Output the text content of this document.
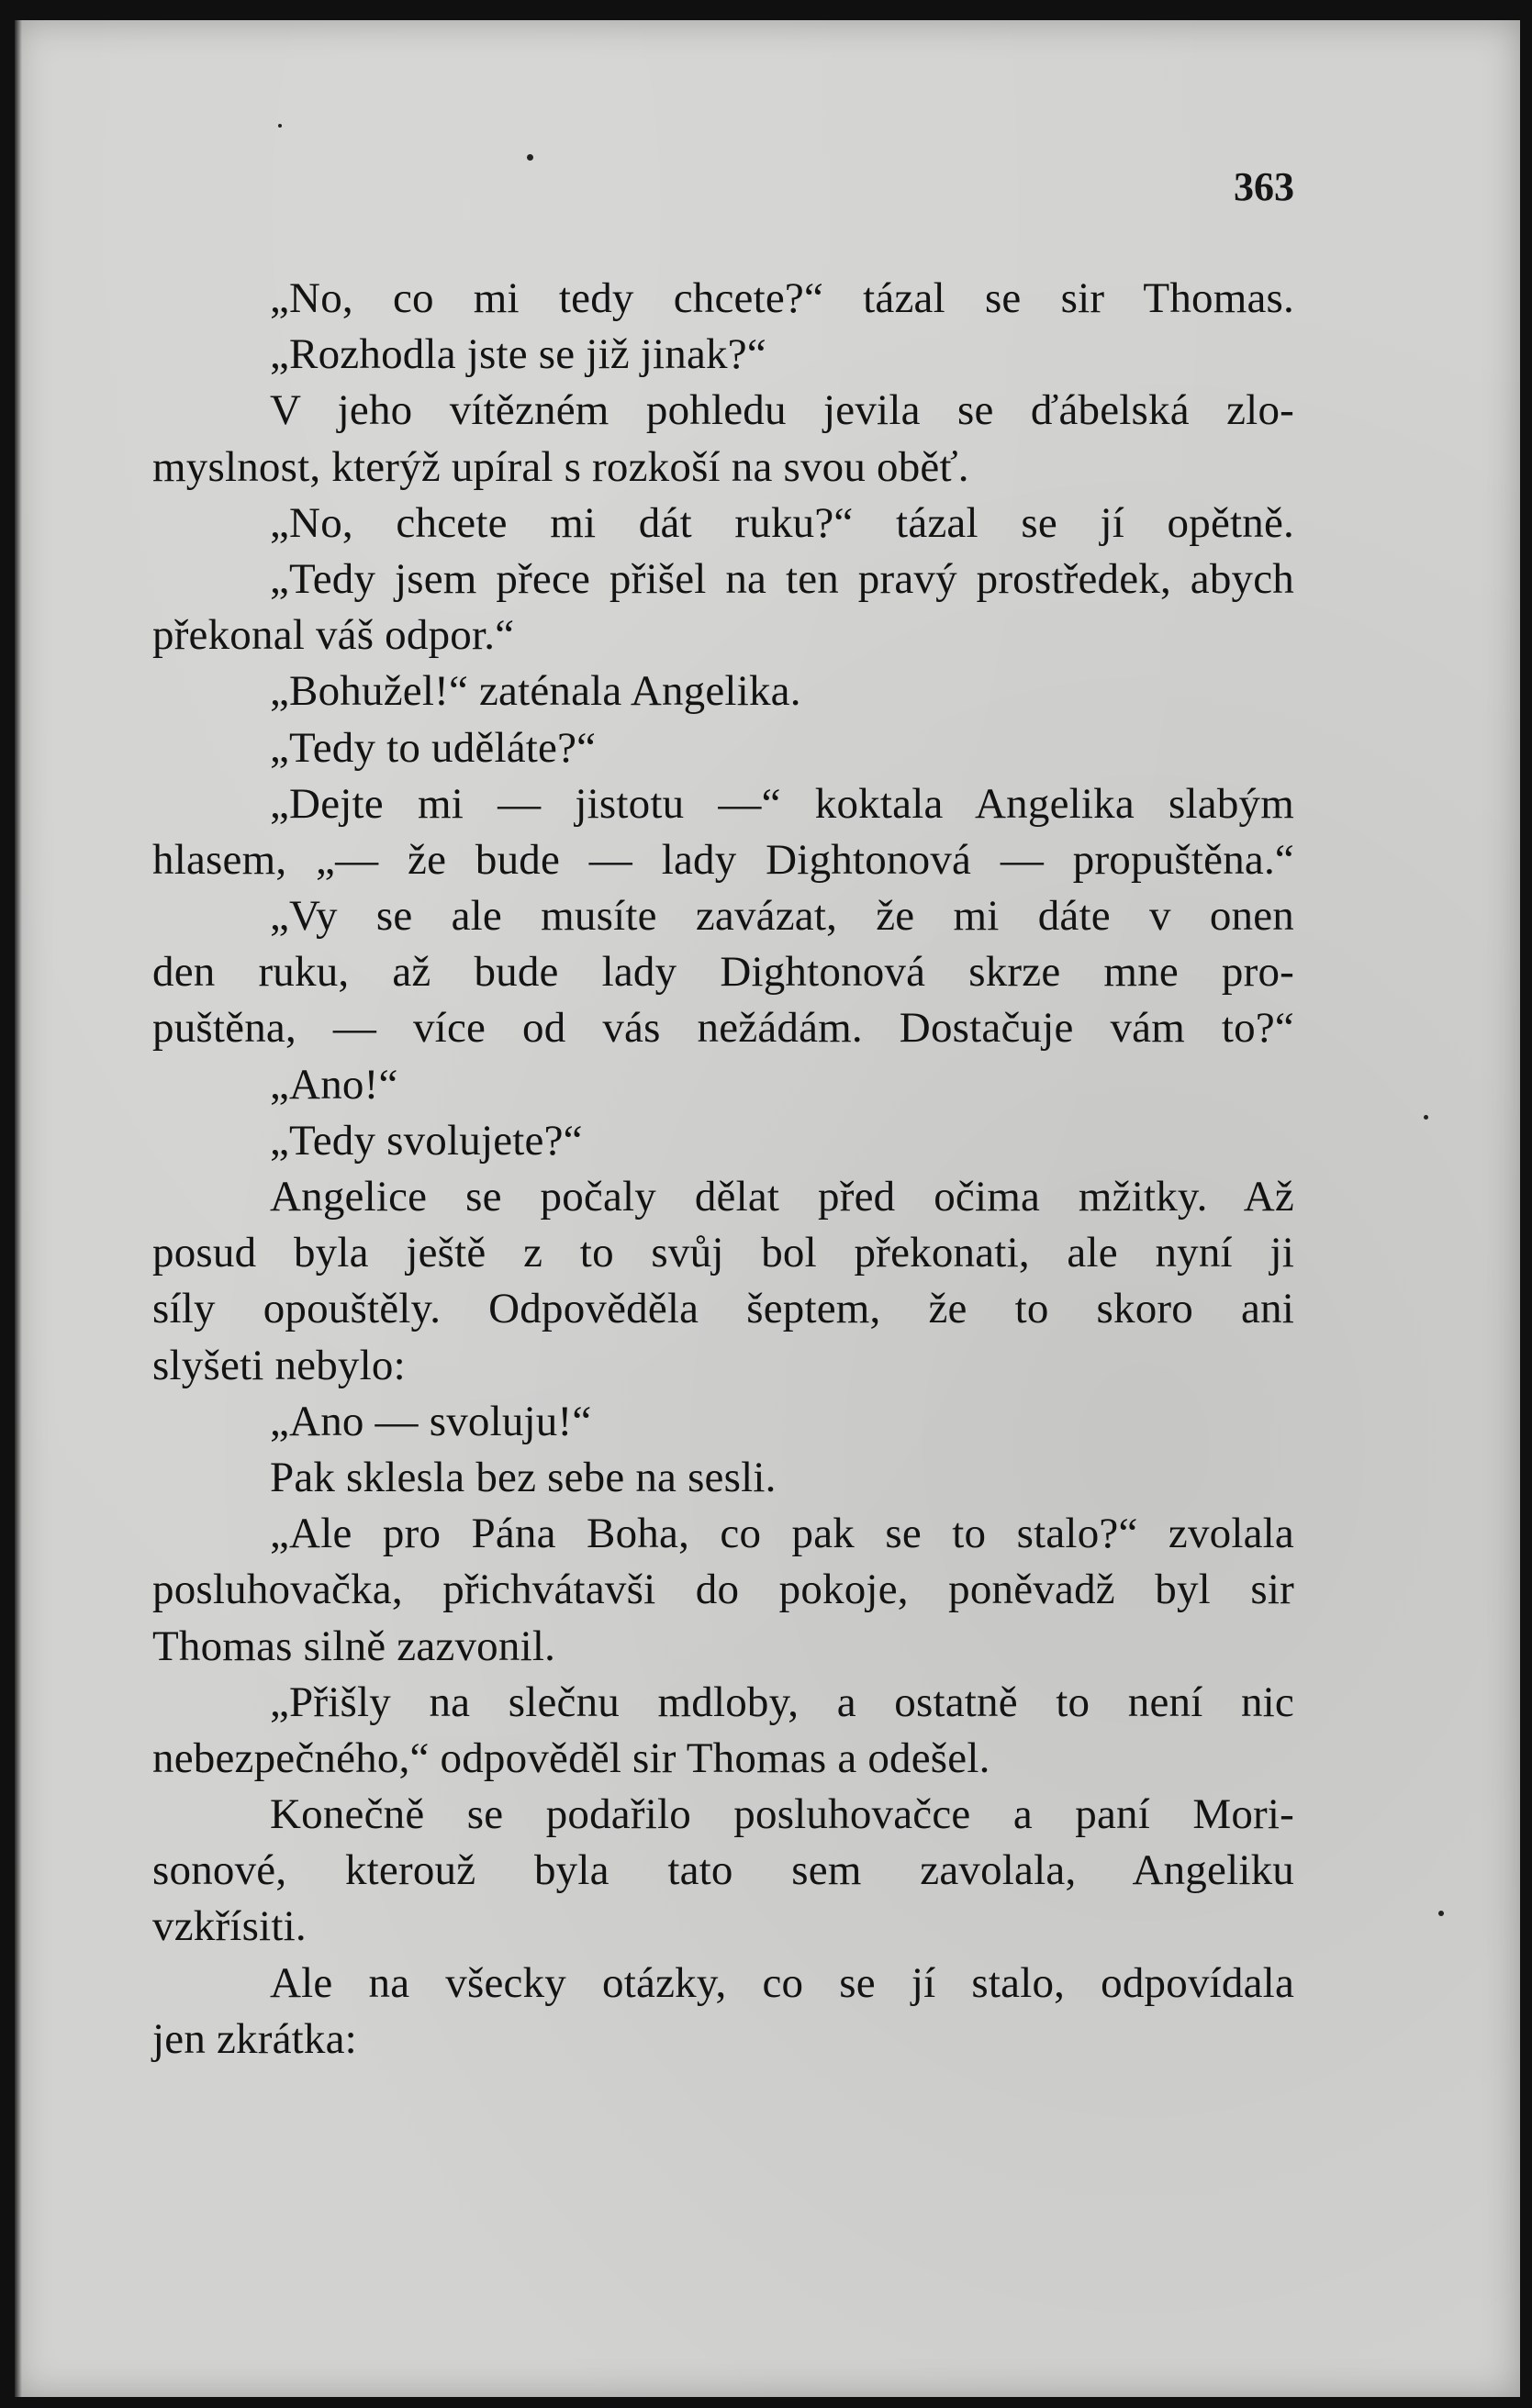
363
„No, co mi tedy chcete?“ tázal se sir Thomas.
„Rozhodla jste se již jinak?“
V jeho vítězném pohledu jevila se ďábelská zlo-
myslnost, kterýž upíral s rozkoší na svou oběť.
„No, chcete mi dát ruku?“ tázal se jí opětně.
„Tedy jsem přece přišel na ten pravý prostředek, abych
překonal váš odpor.“
„Bohužel!“ zaténala Angelika.
„Tedy to uděláte?“
„Dejte mi — jistotu —“ koktala Angelika slabým
hlasem, „— že bude — lady Dightonová — propuštěna.“
„Vy se ale musíte zavázat, že mi dáte v onen
den ruku, až bude lady Dightonová skrze mne pro-
puštěna, — více od vás nežádám. Dostačuje vám to?“
„Ano!“
„Tedy svolujete?“
Angelice se počaly dělat před očima mžitky. Až
posud byla ještě z to svůj bol překonati, ale nyní ji
síly opouštěly. Odpověděla šeptem, že to skoro ani
slyšeti nebylo:
„Ano — svoluju!“
Pak sklesla bez sebe na sesli.
„Ale pro Pána Boha, co pak se to stalo?“ zvolala
posluhovačka, přichvátavši do pokoje, poněvadž byl sir
Thomas silně zazvonil.
„Přišly na slečnu mdloby, a ostatně to není nic
nebezpečného,“ odpověděl sir Thomas a odešel.
Konečně se podařilo posluhovačce a paní Mori-
sonové, kterouž byla tato sem zavolala, Angeliku
vzkřísiti.
Ale na všecky otázky, co se jí stalo, odpovídala
jen zkrátka:
